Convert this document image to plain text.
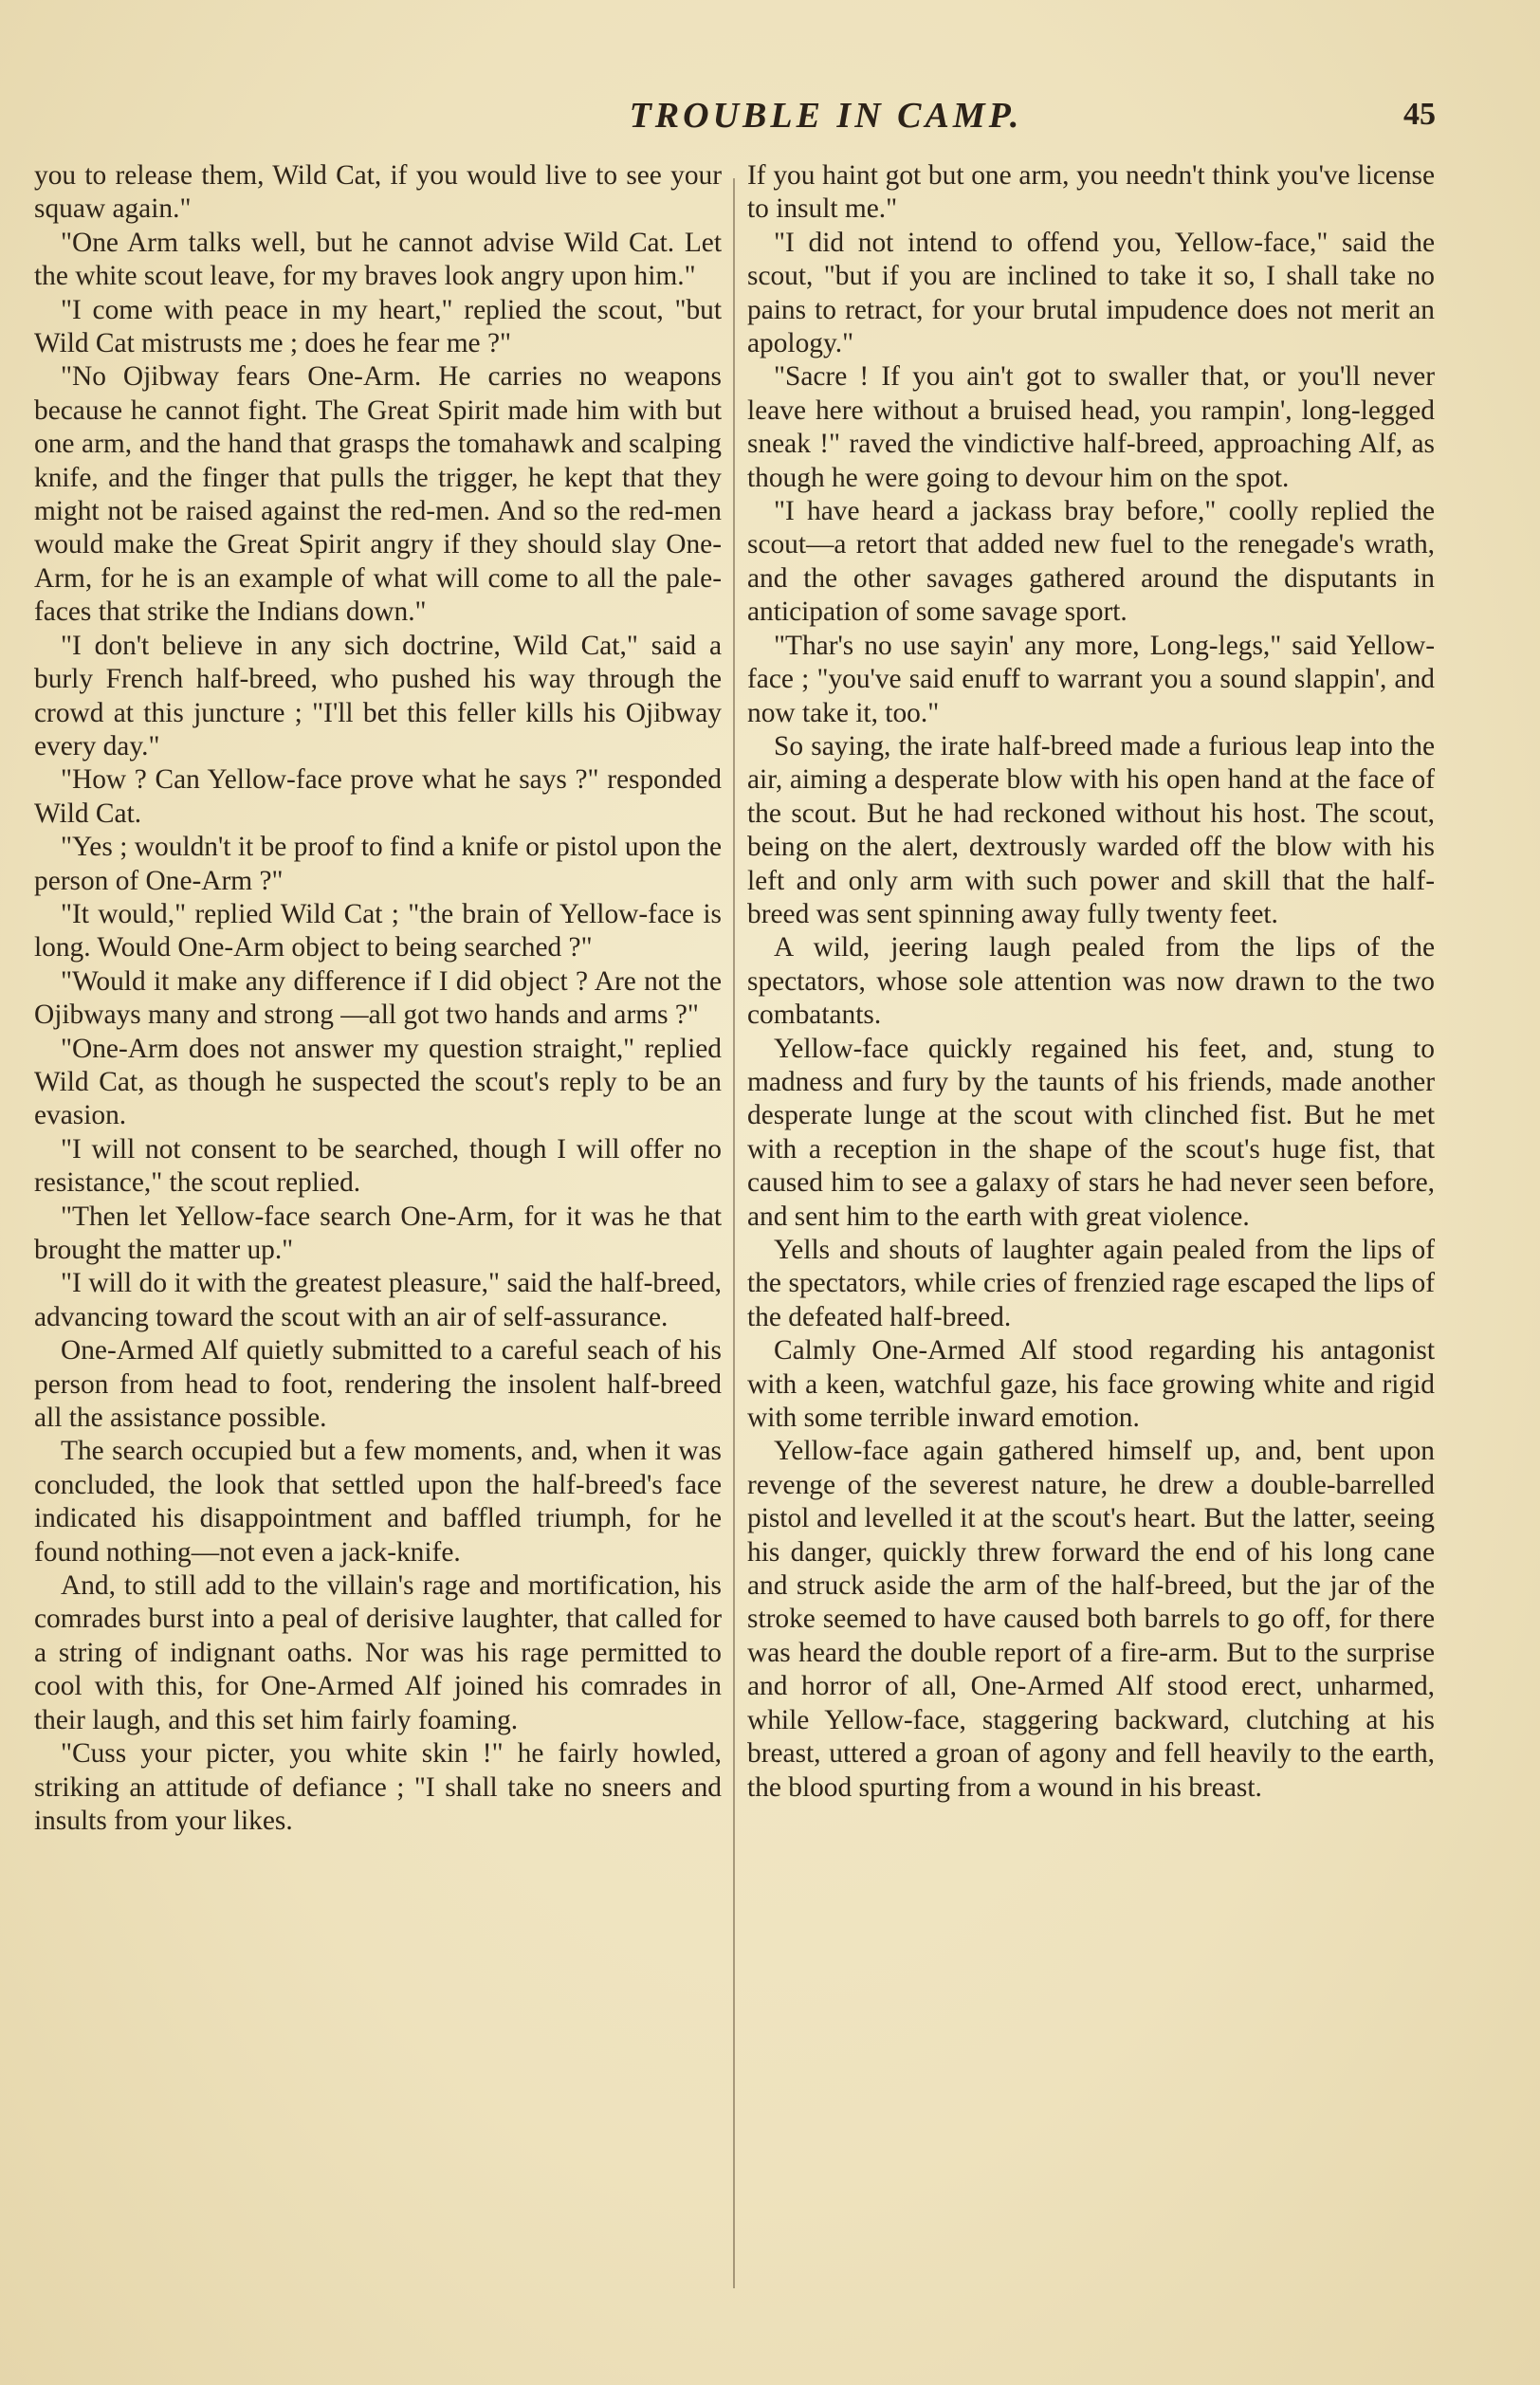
TROUBLE IN CAMP.	45

you to release them, Wild Cat, if you would live to see your squaw again."

"One Arm talks well, but he cannot advise Wild Cat. Let the white scout leave, for my braves look angry upon him."

"I come with peace in my heart," replied the scout, "but Wild Cat mistrusts me ; does he fear me ?"

"No Ojibway fears One-Arm. He carries no weapons because he cannot fight. The Great Spirit made him with but one arm, and the hand that grasps the tomahawk and scalping knife, and the finger that pulls the trigger, he kept that they might not be raised against the red-men. And so the red-men would make the Great Spirit angry if they should slay One-Arm, for he is an example of what will come to all the pale-faces that strike the Indians down."

"I don't believe in any sich doctrine, Wild Cat," said a burly French half-breed, who pushed his way through the crowd at this juncture ; "I'll bet this feller kills his Ojibway every day."

"How ? Can Yellow-face prove what he says ?" responded Wild Cat.

"Yes ; wouldn't it be proof to find a knife or pistol upon the person of One-Arm ?"

"It would," replied Wild Cat ; "the brain of Yellow-face is long. Would One-Arm object to being searched ?"

"Would it make any difference if I did object ? Are not the Ojibways many and strong —all got two hands and arms ?"

"One-Arm does not answer my question straight," replied Wild Cat, as though he suspected the scout's reply to be an evasion.

"I will not consent to be searched, though I will offer no resistance," the scout replied.

"Then let Yellow-face search One-Arm, for it was he that brought the matter up."

"I will do it with the greatest pleasure," said the half-breed, advancing toward the scout with an air of self-assurance.

One-Armed Alf quietly submitted to a careful seach of his person from head to foot, rendering the insolent half-breed all the assistance possible.

The search occupied but a few moments, and, when it was concluded, the look that settled upon the half-breed's face indicated his disappointment and baffled triumph, for he found nothing—not even a jack-knife.

And, to still add to the villain's rage and mortification, his comrades burst into a peal of derisive laughter, that called for a string of indignant oaths. Nor was his rage permitted to cool with this, for One-Armed Alf joined his comrades in their laugh, and this set him fairly foaming.

"Cuss your picter, you white skin !" he fairly howled, striking an attitude of defiance ; "I shall take no sneers and insults from your likes.

If you haint got but one arm, you needn't think you've license to insult me."

"I did not intend to offend you, Yellow-face," said the scout, "but if you are inclined to take it so, I shall take no pains to retract, for your brutal impudence does not merit an apology."

"Sacre ! If you ain't got to swaller that, or you'll never leave here without a bruised head, you rampin', long-legged sneak !" raved the vindictive half-breed, approaching Alf, as though he were going to devour him on the spot.

"I have heard a jackass bray before," coolly replied the scout—a retort that added new fuel to the renegade's wrath, and the other savages gathered around the disputants in anticipation of some savage sport.

"Thar's no use sayin' any more, Long-legs," said Yellow-face ; "you've said enuff to warrant you a sound slappin', and now take it, too."

So saying, the irate half-breed made a furious leap into the air, aiming a desperate blow with his open hand at the face of the scout. But he had reckoned without his host. The scout, being on the alert, dextrously warded off the blow with his left and only arm with such power and skill that the half-breed was sent spinning away fully twenty feet.

A wild, jeering laugh pealed from the lips of the spectators, whose sole attention was now drawn to the two combatants.

Yellow-face quickly regained his feet, and, stung to madness and fury by the taunts of his friends, made another desperate lunge at the scout with clinched fist. But he met with a reception in the shape of the scout's huge fist, that caused him to see a galaxy of stars he had never seen before, and sent him to the earth with great violence.

Yells and shouts of laughter again pealed from the lips of the spectators, while cries of frenzied rage escaped the lips of the defeated half-breed.

Calmly One-Armed Alf stood regarding his antagonist with a keen, watchful gaze, his face growing white and rigid with some terrible inward emotion.

Yellow-face again gathered himself up, and, bent upon revenge of the severest nature, he drew a double-barrelled pistol and levelled it at the scout's heart. But the latter, seeing his danger, quickly threw forward the end of his long cane and struck aside the arm of the half-breed, but the jar of the stroke seemed to have caused both barrels to go off, for there was heard the double report of a fire-arm. But to the surprise and horror of all, One-Armed Alf stood erect, unharmed, while Yellow-face, staggering backward, clutching at his breast, uttered a groan of agony and fell heavily to the earth, the blood spurting from a wound in his breast.
